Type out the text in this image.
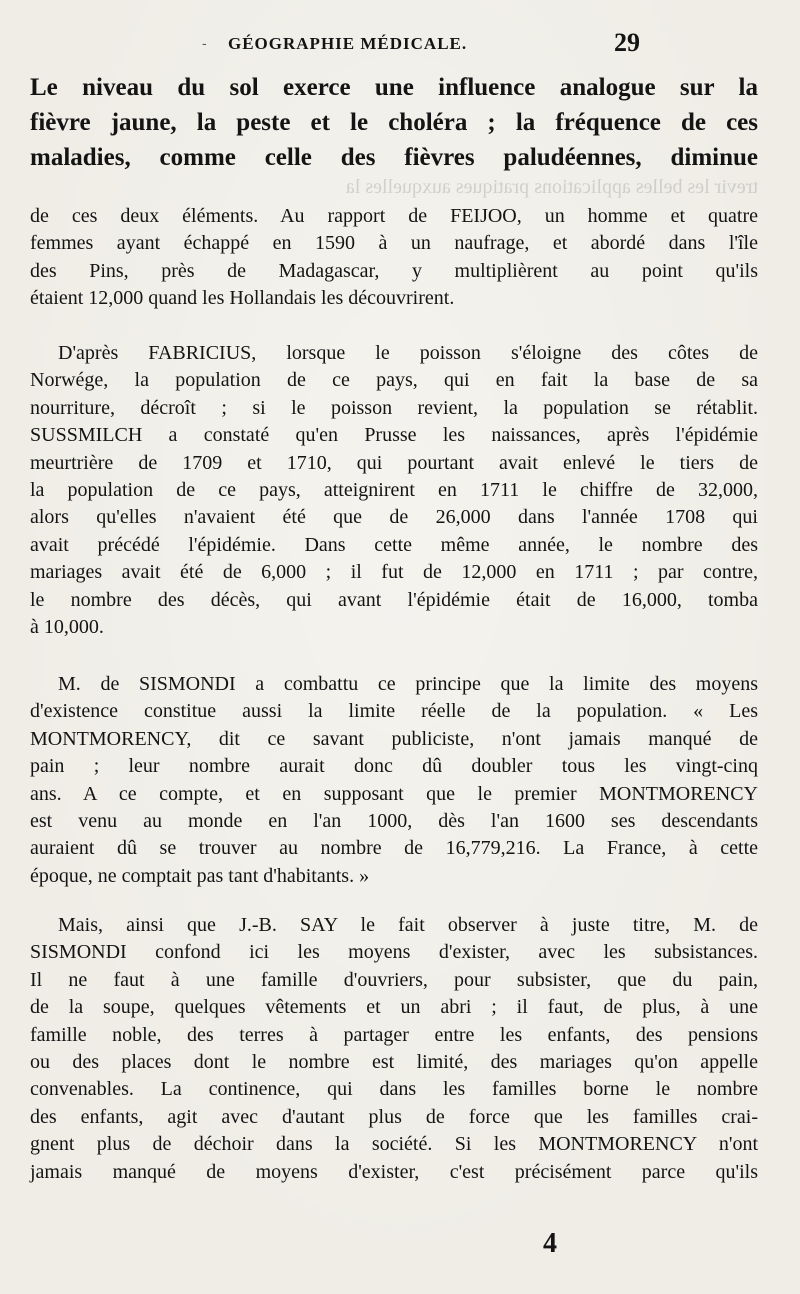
- GÉOGRAPHIE MÉDICALE.	29
Le niveau du sol exerce une influence analogue sur la
fièvre jaune, la peste et le choléra ; la fréquence de ces
maladies, comme celle des fièvres paludéennes, diminue
trevir les belles applications pratiques auxquelles la
de ces deux éléments. Au rapport de FEIJOO, un homme et quatre
femmes ayant échappé en 1590 à un naufrage, et abordé dans l'île
des Pins, près de Madagascar, y multiplièrent au point qu'ils
étaient 12,000 quand les Hollandais les découvrirent.
D'après FABRICIUS, lorsque le poisson s'éloigne des côtes de
Norwége, la population de ce pays, qui en fait la base de sa
nourriture, décroît ; si le poisson revient, la population se rétablit.
SUSSMILCH a constaté qu'en Prusse les naissances, après l'épidémie
meurtrière de 1709 et 1710, qui pourtant avait enlevé le tiers de
la population de ce pays, atteignirent en 1711 le chiffre de 32,000,
alors qu'elles n'avaient été que de 26,000 dans l'année 1708 qui
avait précédé l'épidémie. Dans cette même année, le nombre des
mariages avait été de 6,000 ; il fut de 12,000 en 1711 ; par contre,
le nombre des décès, qui avant l'épidémie était de 16,000, tomba
à 10,000.
M. de SISMONDI a combattu ce principe que la limite des moyens
d'existence constitue aussi la limite réelle de la population. « Les
MONTMORENCY, dit ce savant publiciste, n'ont jamais manqué de
pain ; leur nombre aurait donc dû doubler tous les vingt-cinq
ans. A ce compte, et en supposant que le premier MONTMORENCY
est venu au monde en l'an 1000, dès l'an 1600 ses descendants
auraient dû se trouver au nombre de 16,779,216. La France, à cette
époque, ne comptait pas tant d'habitants. »
Mais, ainsi que J.-B. SAY le fait observer à juste titre, M. de
SISMONDI confond ici les moyens d'exister, avec les subsistances.
Il ne faut à une famille d'ouvriers, pour subsister, que du pain,
de la soupe, quelques vêtements et un abri ; il faut, de plus, à une
famille noble, des terres à partager entre les enfants, des pensions
ou des places dont le nombre est limité, des mariages qu'on appelle
convenables. La continence, qui dans les familles borne le nombre
des enfants, agit avec d'autant plus de force que les familles crai-
gnent plus de déchoir dans la société. Si les MONTMORENCY n'ont
jamais manqué de moyens d'exister, c'est précisément parce qu'ils
4
